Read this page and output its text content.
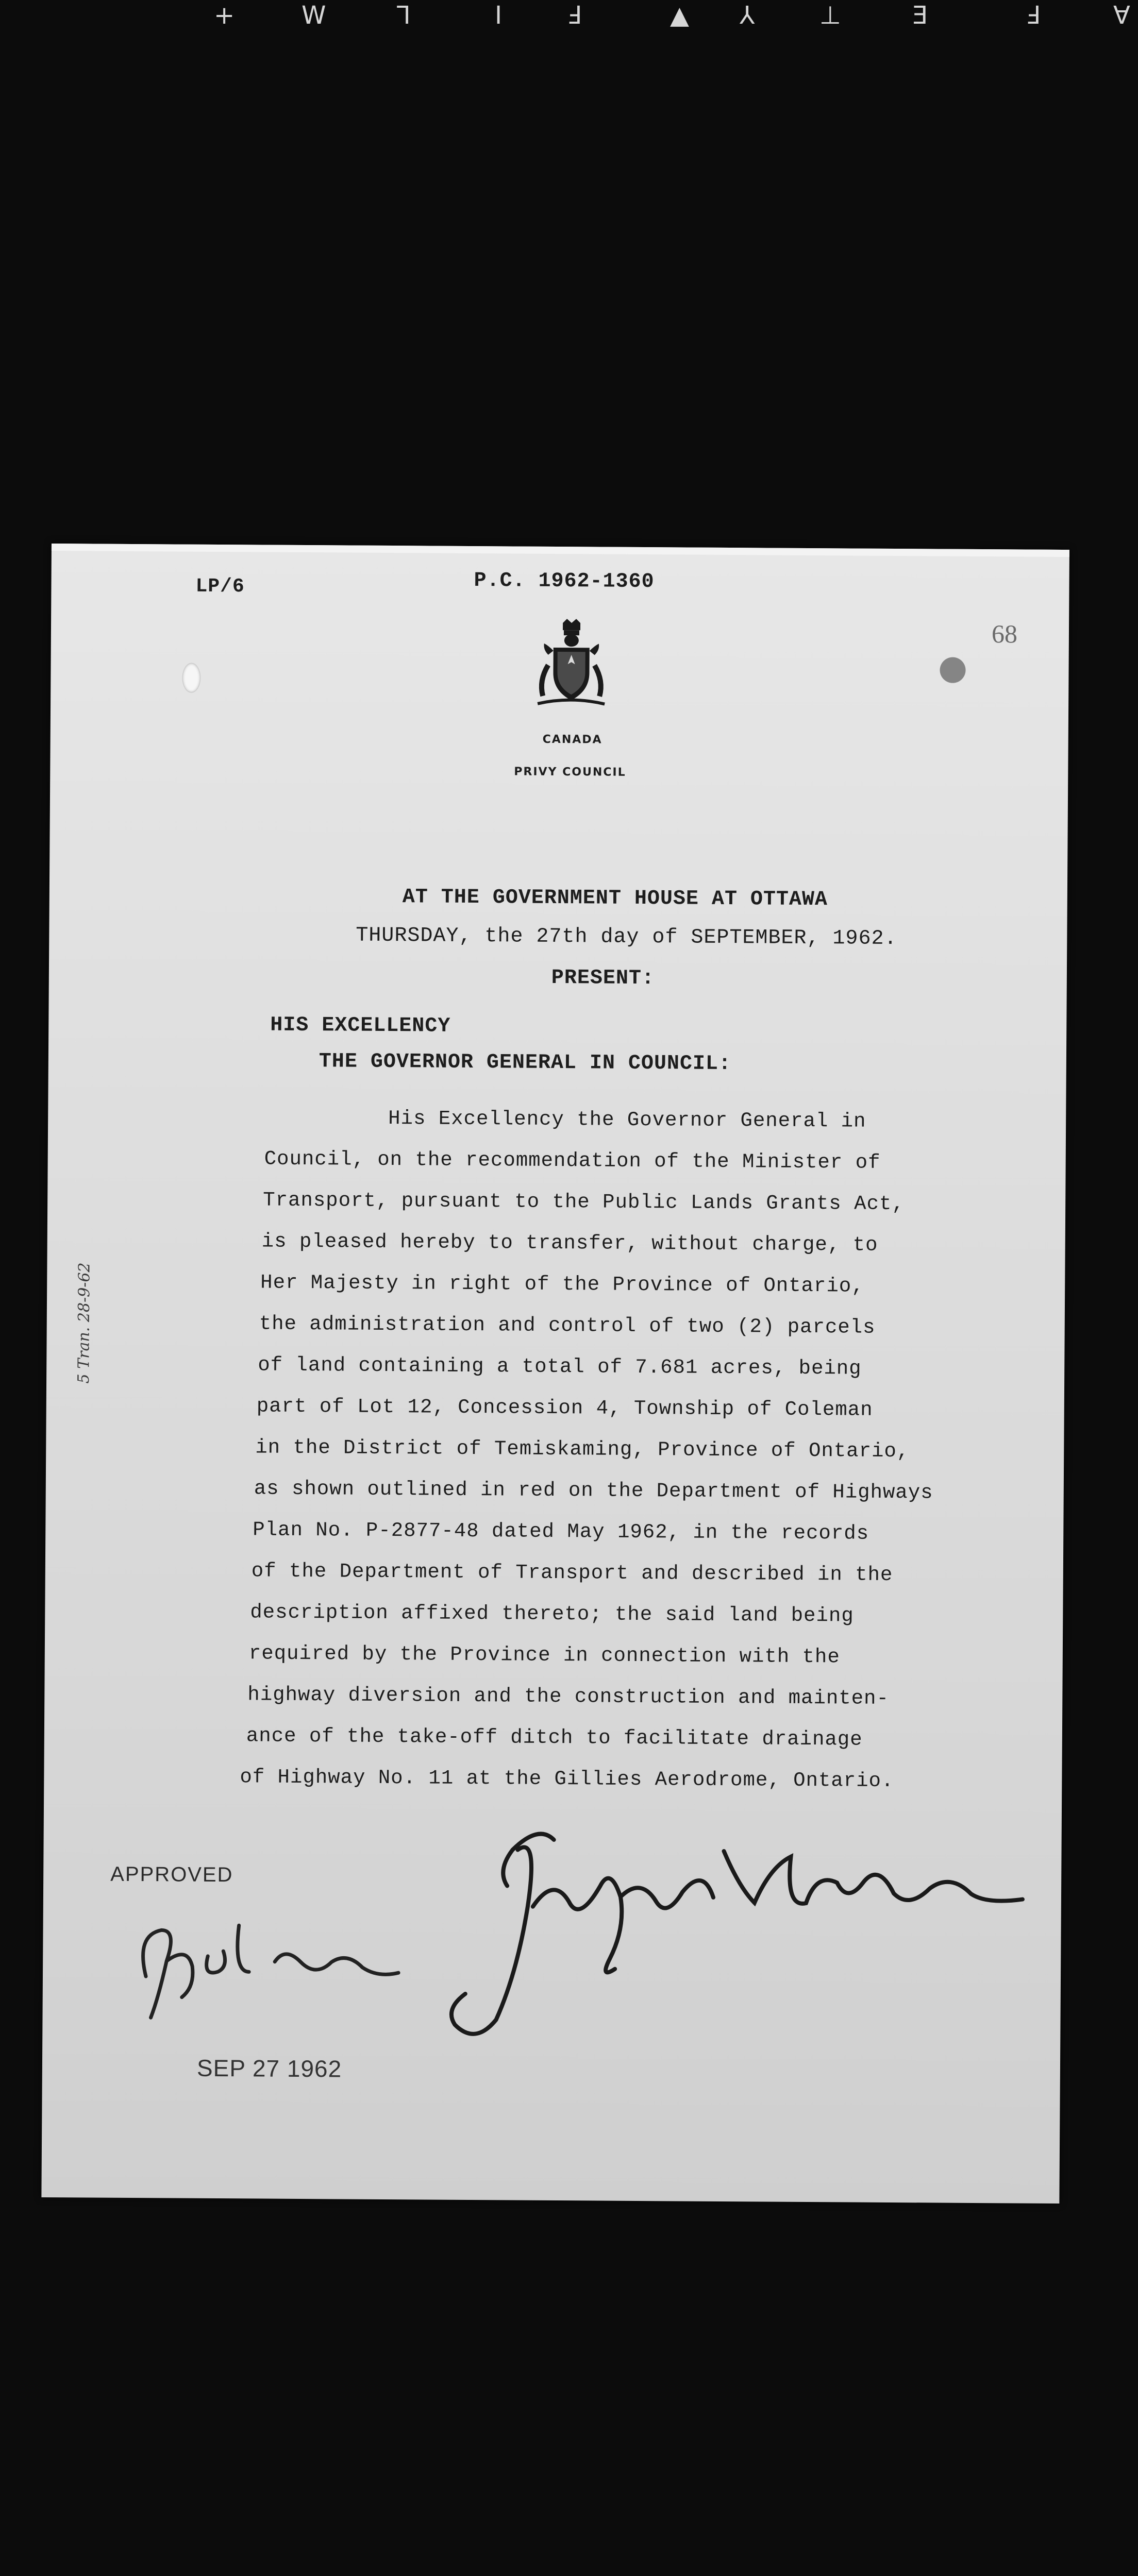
+	W	⅂	I	Ⅎ	▲ ⅄	⊥	Ǝ	Ⅎ	∀
LP/6	P.C. 1962-1360
68
CANADA
PRIVY COUNCIL
AT THE GOVERNMENT HOUSE AT OTTAWA
THURSDAY, the 27th day of SEPTEMBER, 1962.
PRESENT:
HIS EXCELLENCY
THE GOVERNOR GENERAL IN COUNCIL:
His Excellency the Governor General in
Council, on the recommendation of the Minister of
Transport, pursuant to the Public Lands Grants Act,
is pleased hereby to transfer, without charge, to
Her Majesty in right of the Province of Ontario,
the administration and control of two (2) parcels
of land containing a total of 7.681 acres, being
part of Lot 12, Concession 4, Township of Coleman
in the District of Temiskaming, Province of Ontario,
as shown outlined in red on the Department of Highways
Plan No. P-2877-48 dated May 1962, in the records
of the Department of Transport and described in the
description affixed thereto; the said land being
required by the Province in connection with the
highway diversion and the construction and mainten-
ance of the take-off ditch to facilitate drainage
of Highway No. 11 at the Gillies Aerodrome, Ontario.
5 Tran. 28-9-62
APPROVED
SEP 27 1962
